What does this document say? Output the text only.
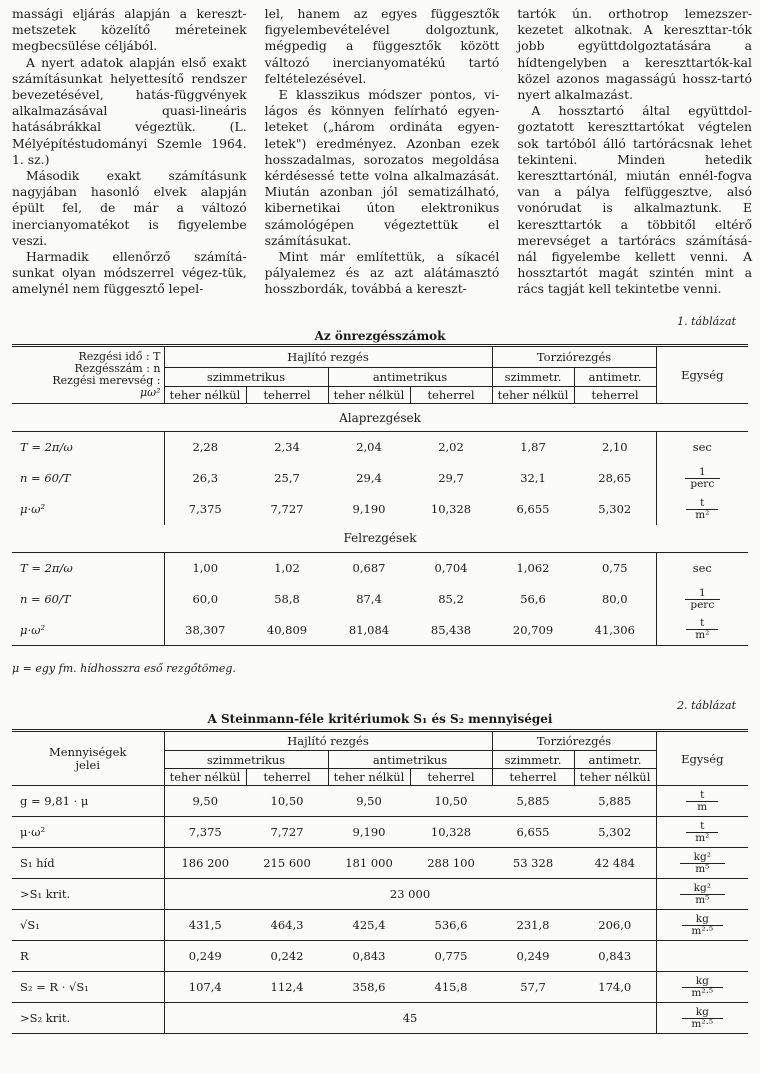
massági eljárás alapján a kereszt-metszetek közelítő méreteinek megbecsülése céljából.

A nyert adatok alapján első exakt számításunkat helyettesítő rendszer bevezetésével, hatás-függvények alkalmazásával quasi-lineáris hatásábrákkal végeztük. (L. Mélyépítéstudományi Szemle 1964. 1. sz.)

Második exakt számításunk nagyjában hasonló elvek alapján épült fel, de már a változó inercianyomatékot is figyelembe veszi.

Harmadik ellenőrző számítá-sunkat olyan módszerrel végez-tük, amelynél nem függesztő lepel-

lel, hanem az egyes függesztők figyelembevételével dolgoztunk, mégpedig a függesztők között változó inercianyomatékú tartó feltételezésével.

E klasszikus módszer pontos, vi-lágos és könnyen felírható egyen-leteket („három ordináta egyen-letek") eredményez. Azonban ezek hosszadalmas, sorozatos megoldása kérdésessé tette volna alkalmazását. Miután azonban jól sematizálható, kibernetikai úton elektronikus számológépen végeztettük el számításukat.

Mint már említettük, a síkacél pályalemez és az azt alátámasztó hosszbordák, továbbá a kereszt-

tartók ún. orthotrop lemezszer-kezetet alkotnak. A kereszttar-tók jobb együttdolgoztatására a hídtengelyben a kereszttartók-kal közel azonos magasságú hossz-tartó nyert alkalmazást.

A hossztartó által együttdol-goztatott kereszttartókat végtelen sok tartóból álló tartórácsnak lehet tekinteni. Minden hetedik kereszttartónál, miután ennél-fogva van a pálya felfüggesztve, alsó vonórudat is alkalmaztunk. E kereszttartók a többitől eltérő merevséget a tartórács számításá-nál figyelembe kellett venni. A hossztartót magát szintén mint a rács tagját kell tekintetbe venni.

1. táblázat
Az önrezgésszámok
Rezgési idő : T
Rezgésszám : n
Rezgési merevség :
μω²	Hajlító rezgés				Torziórezgés		Egység
	szimmetrikus		antimetrikus		szimmetr.	antimetr.	
	teher nélkül	teherrel	teher nélkül	teherrel	teher nélkül	teherrel	
Alaprezgések							
T = 2π/ω	2,28	2,34	2,04	2,02	1,87	2,10	sec
n = 60/T	26,3	25,7	29,4	29,7	32,1	28,65	$\frac{1}{\text{perc}}$

μ·ω²	7,375	7,727	9,190	10,328	6,655	5,302	$\frac{t}{\text{m²}}$

Felrezgések							
T = 2π/ω	1,00	1,02	0,687	0,704	1,062	0,75	sec
n = 60/T	60,0	58,8	87,4	85,2	56,6	80,0	$\frac{1}{\text{perc}}$

μ·ω²	38,307	40,809	81,084	85,438	20,709	41,306	$\frac{t}{\text{m²}}$
μ = egy fm. hídhosszra eső rezgőtömeg.
2. táblázat
A Steinmann-féle kritériumok S₁ és S₂ mennyiségei
Mennyiségek
jelei	Hajlító rezgés				Torziórezgés		Egység
	szimmetrikus		antimetrikus		szimmetr.	antimetr.	
	teher nélkül	teherrel	teher nélkül	teherrel	teherrel	teher nélkül	
g = 9,81 · μ	9,50	10,50	9,50	10,50	5,885	5,885	$\frac{t}{m}$

μ·ω²	7,375	7,727	9,190	10,328	6,655	5,302	$\frac{t}{\text{m²}}$

S₁ híd	186 200	215 600	181 000	288 100	53 328	42 484	$\frac{\text{kg²}}{\text{m⁵}}$

>S₁ krit.	23 000						$\frac{\text{kg²}}{\text{m⁵}}$

√S₁	431,5	464,3	425,4	536,6	231,8	206,0	$\frac{kg}{\text{m²·⁵}}$

R	0,249	0,242	0,843	0,775	0,249	0,843	
S₂ = R · √S₁	107,4	112,4	358,6	415,8	57,7	174,0	$\frac{kg}{\text{m²·⁵}}$

>S₂ krit.	45						$\frac{kg}{\text{m²·⁵}}$
